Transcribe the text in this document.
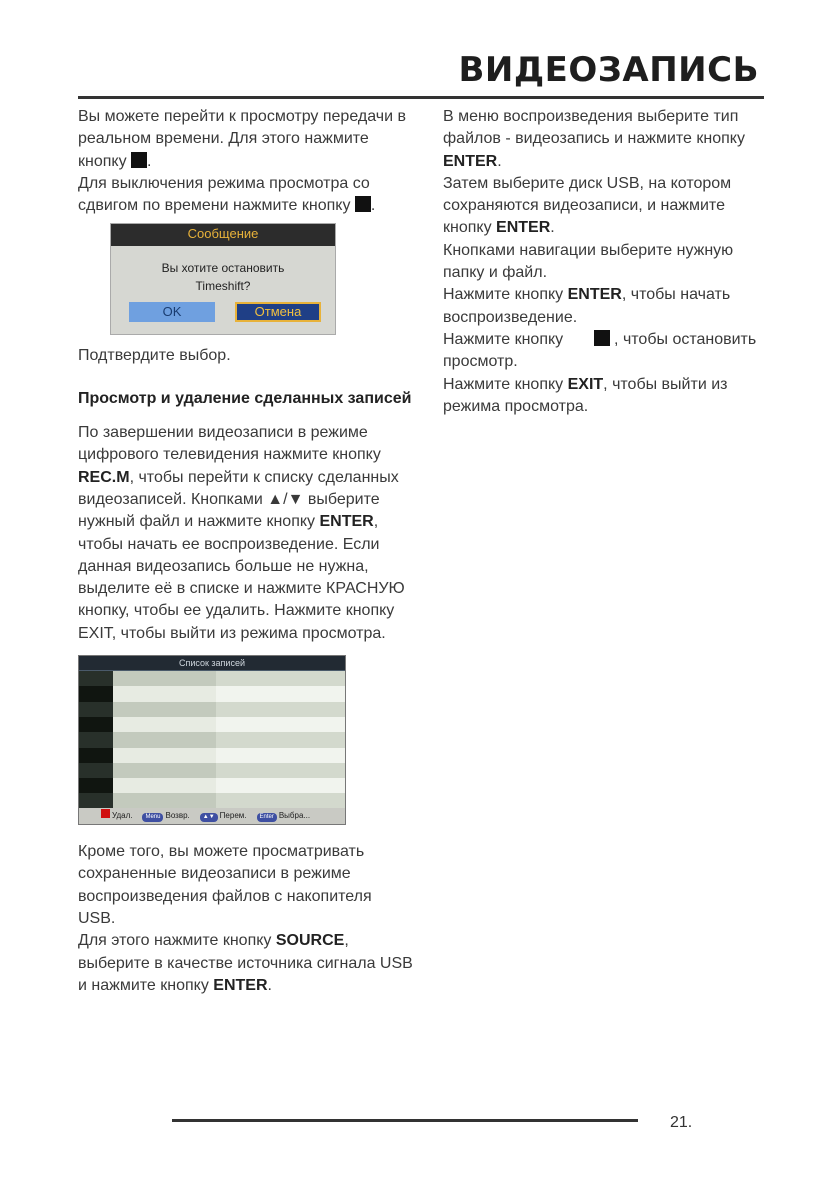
ВИДЕОЗАПИСЬ

Вы можете перейти к просмотру передачи в реальном времени. Для этого нажмите кнопку .

Для выключения режима просмотра со сдвигом по времени нажмите кнопку .

Сообщение
Вы хотите остановить
Timeshift?
OK	Отмена

Подтвердите выбор.

Просмотр и удаление сделанных записей

По завершении видеозаписи в режиме цифрового телевидения нажмите кнопку REC.M, чтобы перейти к списку сделанных видеозаписей. Кнопками ▲/▼ выберите нужный файл и нажмите кнопку ENTER, чтобы начать ее воспроизведение. Если данная видеозапись больше не нужна, выделите её в списке и нажмите КРАСНУЮ кнопку, чтобы ее удалить. Нажмите кнопку EXIT, чтобы выйти из режима просмотра.

Список записей
Удал.	Menu Возвр.	▲▼ Перем.	Enter Выбра...

Кроме того, вы можете просматривать сохраненные видеозаписи в режиме воспроизведения файлов с накопителя USB.

Для этого нажмите кнопку SOURCE, выберите в качестве источника сигнала USB и нажмите кнопку ENTER.

В меню воспроизведения выберите тип файлов - видеозапись и нажмите кнопку ENTER.

Затем выберите диск USB, на котором сохраняются видеозаписи, и нажмите кнопку ENTER.

Кнопками навигации выберите нужную папку и файл.

Нажмите кнопку ENTER, чтобы начать воспроизведение.

Нажмите кнопку	, чтобы остановить просмотр.

Нажмите кнопку EXIT, чтобы выйти из режима просмотра.

21.
